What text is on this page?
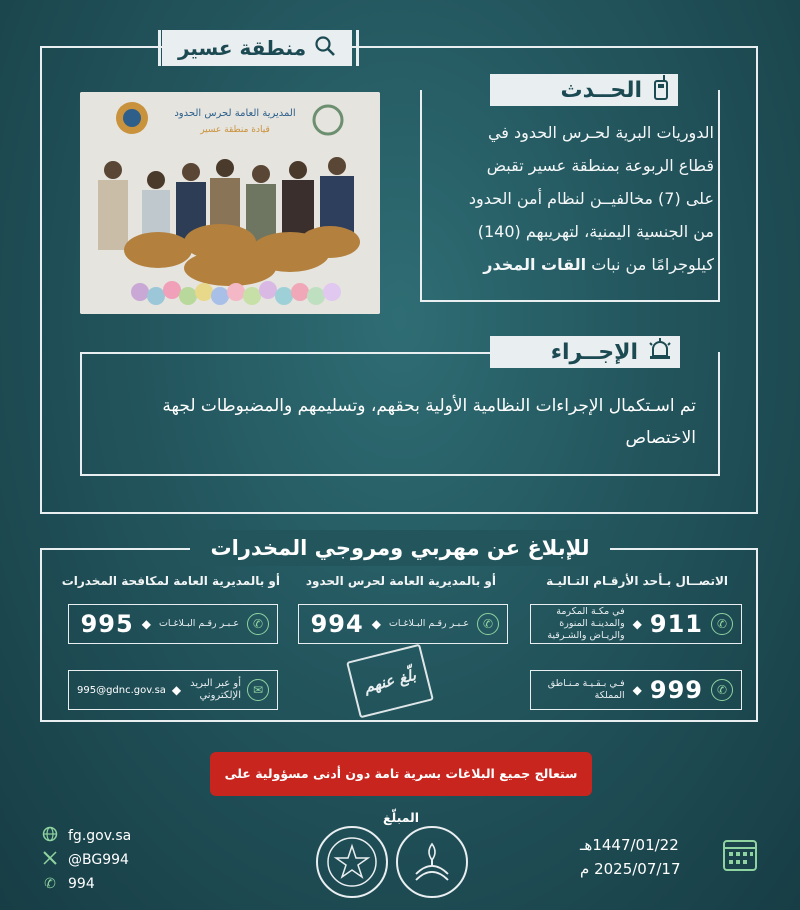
منطقة عسير
المديرية العامة لحرس الحدود
قيادة منطقة عسير
الحــدث
الدوريات البرية لحـرس الحدود في
قطاع الربوعة بمنطقة عسير تقبض
على (7) مخالفيــن لنظام أمن الحدود
من الجنسية اليمنية، لتهريبهم (140)
كيلوجرامًا من نبات القات المخدر
الإجــراء
تم اسـتكمال الإجراءات النظامية الأولية بحقهم، وتسليمهم والمضبوطات لجهة الاختصاص
للإبلاغ عن مهربي ومروجي المخدرات
الاتصــال بـأحد الأرقـام التـاليـة
أو بالمديرية العامة لحرس الحدود
أو بالمديرية العامة لمكافحة المخدرات
✆
911
◆
في مكـة المكرمة والمدينـة المنورة والريـاض والشـرقية
✆
999
◆
فـي بـقـيـة مـنـاطق المملكة
✆
عـبـر رقـم البـلاغـات
◆
994
✆
عـبـر رقـم البـلاغـات
◆
995
✉
أو عبر البريد الإلكتروني
◆
995@gdnc.gov.sa	بلّغ عنهم
ستعالج جميع البلاغات بسرية تامة دون أدنى مسؤولية على المبلّغ
fg.gov.sa
@BG994
✆ 994
1447/01/22هـ
2025/07/17 م
